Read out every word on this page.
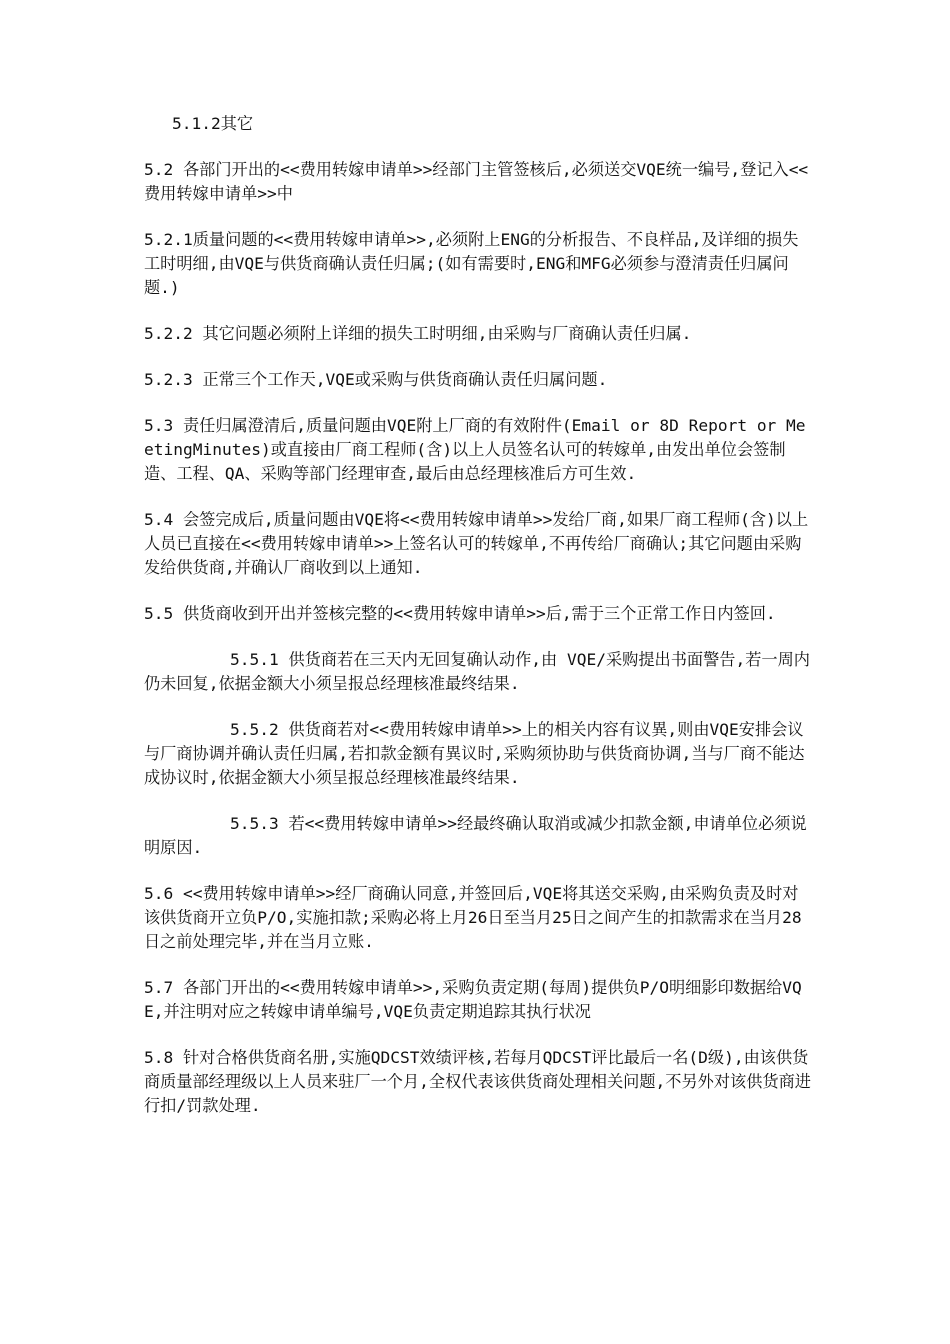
5.1.2其它

5.2 各部门开出的<<费用转嫁申请单>>经部门主管签核后,必须送交VQE统一编号,登记入<<费用转嫁申请单>>中

5.2.1质量问题的<<费用转嫁申请单>>,必须附上ENG的分析报告、不良样品,及详细的损失工时明细,由VQE与供货商确认责任归属;(如有需要时,ENG和MFG必须参与澄清责任归属问题.)

5.2.2 其它问题必须附上详细的损失工时明细,由采购与厂商确认责任归属.

5.2.3 正常三个工作天,VQE或采购与供货商确认责任归属问题.

5.3 责任归属澄清后,质量问题由VQE附上厂商的有效附件(Email or 8D Report or MeetingMinutes)或直接由厂商工程师(含)以上人员签名认可的转嫁单,由发出单位会签制造、工程、QA、采购等部门经理审查,最后由总经理核准后方可生效.

5.4 会签完成后,质量问题由VQE将<<费用转嫁申请单>>发给厂商,如果厂商工程师(含)以上人员已直接在<<费用转嫁申请单>>上签名认可的转嫁单,不再传给厂商确认;其它问题由采购发给供货商,并确认厂商收到以上通知.

5.5 供货商收到开出并签核完整的<<费用转嫁申请单>>后,需于三个正常工作日内签回.

5.5.1 供货商若在三天内无回复确认动作,由 VQE/采购提出书面警告,若一周内仍未回复,依据金额大小须呈报总经理核准最终结果.

5.5.2 供货商若对<<费用转嫁申请单>>上的相关内容有议異,则由VQE安排会议与厂商协调并确认责任归属,若扣款金额有異议时,采购须协助与供货商协调,当与厂商不能达成协议时,依据金额大小须呈报总经理核准最终结果.

5.5.3 若<<费用转嫁申请单>>经最终确认取消或减少扣款金额,申请单位必须说明原因.

5.6 <<费用转嫁申请单>>经厂商确认同意,并签回后,VQE将其送交采购,由采购负责及时对该供货商开立负P/O,实施扣款;采购必将上月26日至当月25日之间产生的扣款需求在当月28日之前处理完毕,并在当月立账.

5.7 各部门开出的<<费用转嫁申请单>>,采购负责定期(每周)提供负P/O明细影印数据给VQE,并注明对应之转嫁申请单编号,VQE负责定期追踪其执行状况

5.8 针对合格供货商名册,实施QDCST效绩评核,若每月QDCST评比最后一名(D级),由该供货商质量部经理级以上人员来驻厂一个月,全权代表该供货商处理相关问题,不另外对该供货商进行扣/罚款处理.
